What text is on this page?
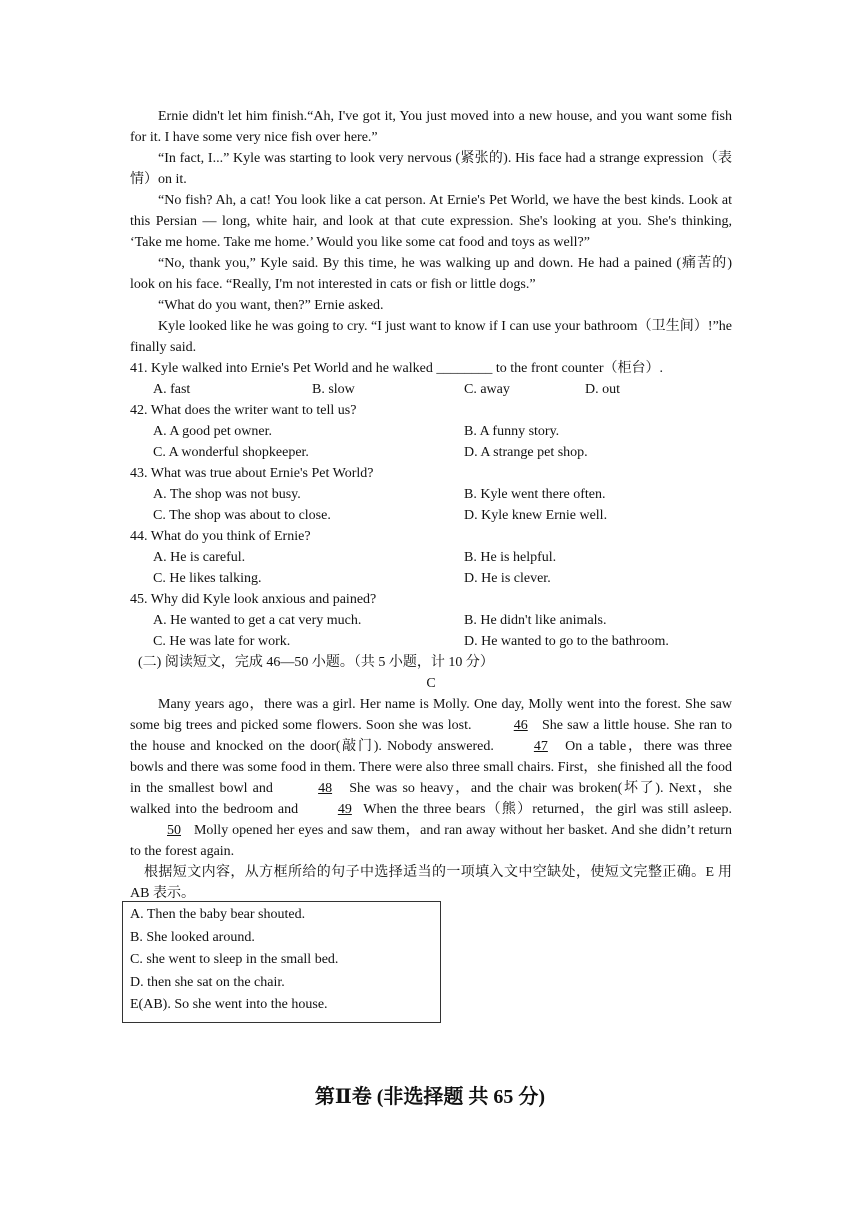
Ernie didn't let him finish.“Ah, I've got it, You just moved into a new house, and you want some fish for it. I have some very nice fish over here.”

“In fact, I...” Kyle was starting to look very nervous (紧张的). His face had a strange expression（表情）on it.

“No fish? Ah, a cat! You look like a cat person. At Ernie's Pet World, we have the best kinds. Look at this Persian — long, white hair, and look at that cute expression. She's looking at you. She's thinking, ‘Take me home. Take me home.’ Would you like some cat food and toys as well?”

“No, thank you,” Kyle said. By this time, he was walking up and down. He had a pained (痛苦的) look on his face. “Really, I'm not interested in cats or fish or little dogs.”

“What do you want, then?” Ernie asked.

Kyle looked like he was going to cry. “I just want to know if I can use your bathroom（卫生间）!”he finally said.

41. Kyle walked into Ernie's Pet World and he walked ________ to the front counter（柜台）.

A. fast	B. slow	C. away	D. out

42. What does the writer want to tell us?

A. A good pet owner.	B. A funny story.
C. A wonderful shopkeeper.	D. A strange pet shop.

43. What was true about Ernie's Pet World?

A. The shop was not busy.	B. Kyle went there often.
C. The shop was about to close.	D. Kyle knew Ernie well.

44. What do you think of Ernie?

A. He is careful.	B. He is helpful.
C. He likes talking.	D. He is clever.

45. Why did Kyle look anxious and pained?

A. He wanted to get a cat very much.	B. He didn't like animals.
C. He was late for work.	D. He wanted to go to the bathroom.

(二) 阅读短文，完成 46—50 小题。（共 5 小题，计 10 分）

C

Many years ago，there was a girl. Her name is Molly. One day, Molly went into the forest. She saw some big trees and picked some flowers. Soon she was lost.	46 She saw a little house. She ran to the house and knocked on the door(敲门). Nobody answered.	47 On a table，there was three bowls and there was some food in them. There were also three small chairs. First，she finished all the food in the smallest bowl and	48 She was so heavy，and the chair was broken(坏了). Next，she walked into the bedroom and	49 When the three bears（熊）returned，the girl was still asleep.50 Molly opened her eyes and saw them，and ran away without her basket. And she didn’t return to the forest again.

根据短文内容，从方框所给的句子中选择适当的一项填入文中空缺处，使短文完整正确。E 用 AB 表示。

A. Then the baby bear shouted.
B. She looked around.
C. she went to sleep in the small bed.
D. then she sat on the chair.
E(AB). So she went into the house.
第Ⅱ卷 (非选择题 共 65 分)
